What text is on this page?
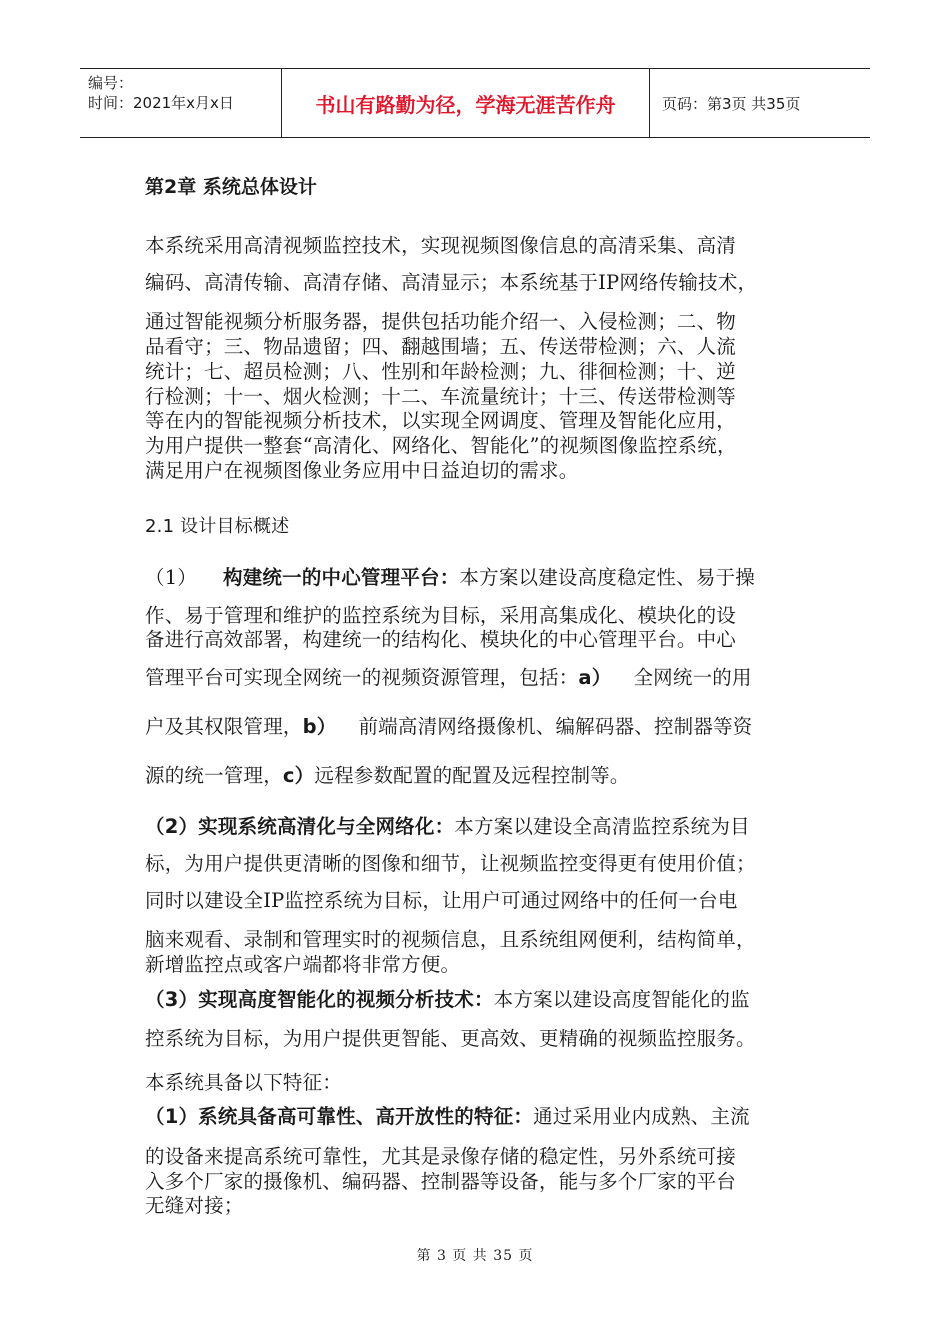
编号：
时间：2021年x月x日	书山有路勤为径，学海无涯苦作舟	页码：第3页 共35页
第2章 系统总体设计
本系统采用高清视频监控技术，实现视频图像信息的高清采集、高清
编码、高清传输、高清存储、高清显示；本系统基于IP网络传输技术，
通过智能视频分析服务器，提供包括功能介绍一、入侵检测；二、物
品看守；三、物品遗留；四、翻越围墙；五、传送带检测；六、人流
统计；七、超员检测；八、性别和年龄检测；九、徘徊检测；十、逆
行检测；十一、烟火检测；十二、车流量统计；十三、传送带检测等
等在内的智能视频分析技术，以实现全网调度、管理及智能化应用，
为用户提供一整套“高清化、网络化、智能化”的视频图像监控系统，
满足用户在视频图像业务应用中日益迫切的需求。
2.1 设计目标概述
（1） 构建统一的中心管理平台：本方案以建设高度稳定性、易于操
作、易于管理和维护的监控系统为目标，采用高集成化、模块化的设
备进行高效部署，构建统一的结构化、模块化的中心管理平台。中心
管理平台可实现全网统一的视频资源管理，包括：a） 全网统一的用
户及其权限管理，b） 前端高清网络摄像机、编解码器、控制器等资
源的统一管理，c）远程参数配置的配置及远程控制等。
（2）实现系统高清化与全网络化：本方案以建设全高清监控系统为目
标，为用户提供更清晰的图像和细节，让视频监控变得更有使用价值；
同时以建设全IP监控系统为目标，让用户可通过网络中的任何一台电
脑来观看、录制和管理实时的视频信息，且系统组网便利，结构简单，
新增监控点或客户端都将非常方便。
（3）实现高度智能化的视频分析技术：本方案以建设高度智能化的监
控系统为目标，为用户提供更智能、更高效、更精确的视频监控服务。
本系统具备以下特征：
（1）系统具备高可靠性、高开放性的特征：通过采用业内成熟、主流
的设备来提高系统可靠性，尤其是录像存储的稳定性，另外系统可接
入多个厂家的摄像机、编码器、控制器等设备，能与多个厂家的平台
无缝对接；
第 3 页 共 35 页
